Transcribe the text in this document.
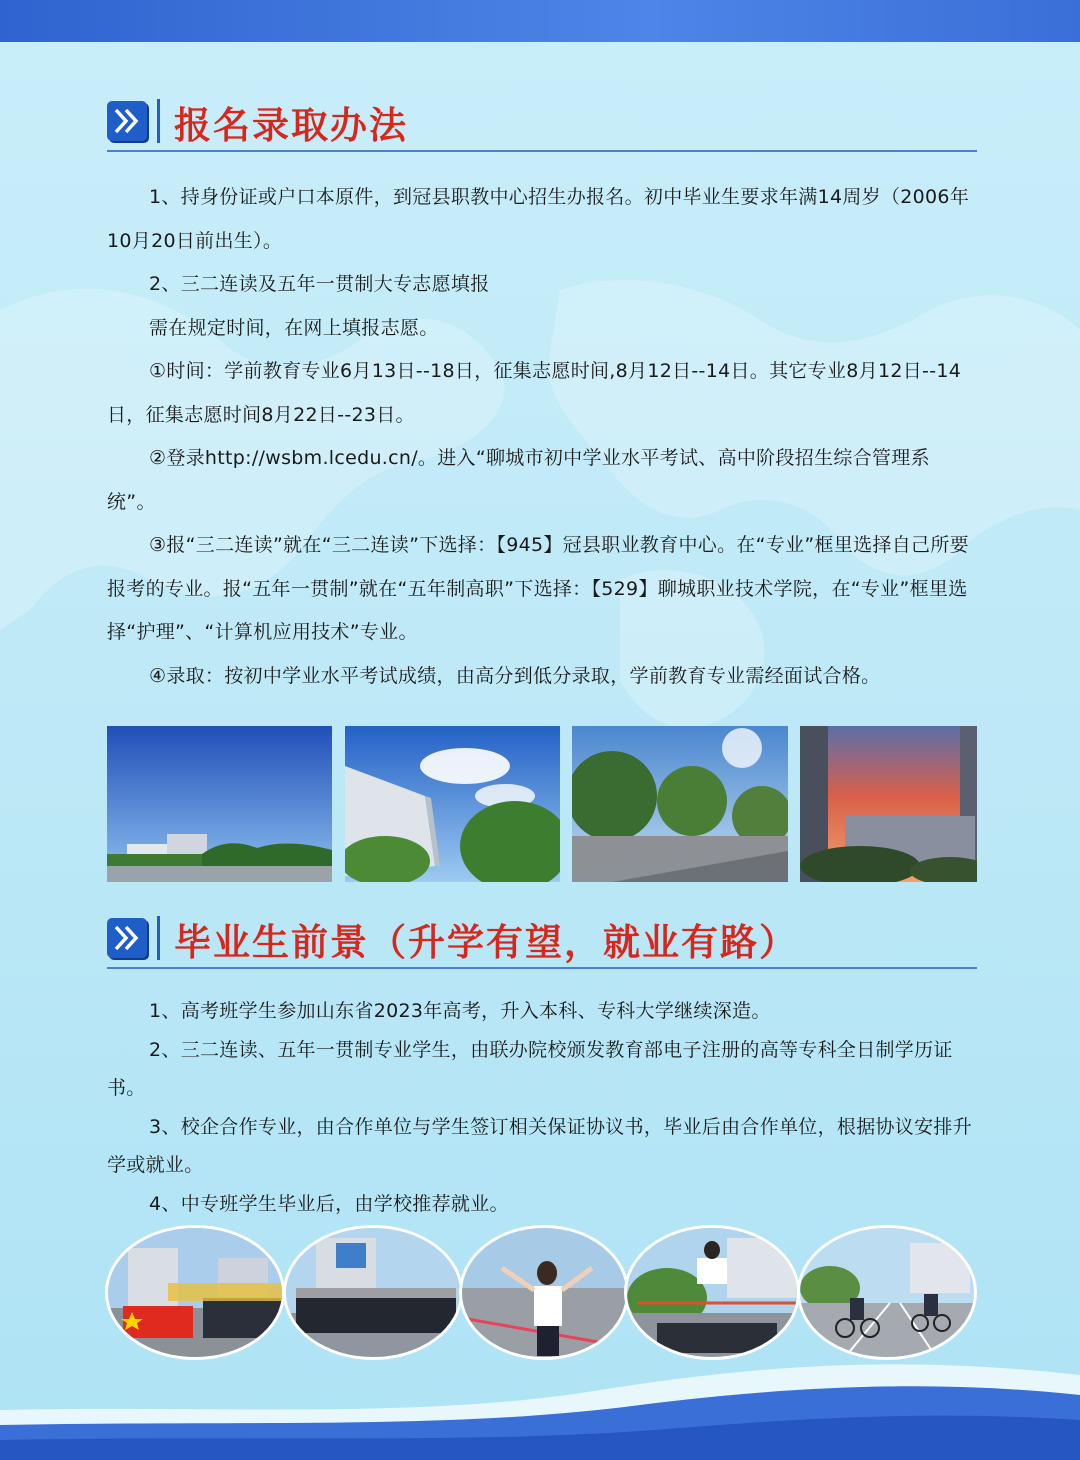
报名录取办法

1、持身份证或户口本原件，到冠县职教中心招生办报名。初中毕业生要求年满14周岁（2006年10月20日前出生）。

2、三二连读及五年一贯制大专志愿填报

需在规定时间，在网上填报志愿。

①时间：学前教育专业6月13日--18日，征集志愿时间,8月12日--14日。其它专业8月12日--14日，征集志愿时间8月22日--23日。

②登录http://wsbm.lcedu.cn/。进入“聊城市初中学业水平考试、高中阶段招生综合管理系统”。

③报“三二连读”就在“三二连读”下选择：【945】冠县职业教育中心。在“专业”框里选择自己所要报考的专业。报“五年一贯制”就在“五年制高职”下选择：【529】聊城职业技术学院，在“专业”框里选择“护理”、“计算机应用技术”专业。

④录取：按初中学业水平考试成绩，由高分到低分录取，学前教育专业需经面试合格。

毕业生前景（升学有望，就业有路）

1、高考班学生参加山东省2023年高考，升入本科、专科大学继续深造。

2、三二连读、五年一贯制专业学生，由联办院校颁发教育部电子注册的高等专科全日制学历证书。

3、校企合作专业，由合作单位与学生签订相关保证协议书，毕业后由合作单位，根据协议安排升学或就业。

4、中专班学生毕业后，由学校推荐就业。
